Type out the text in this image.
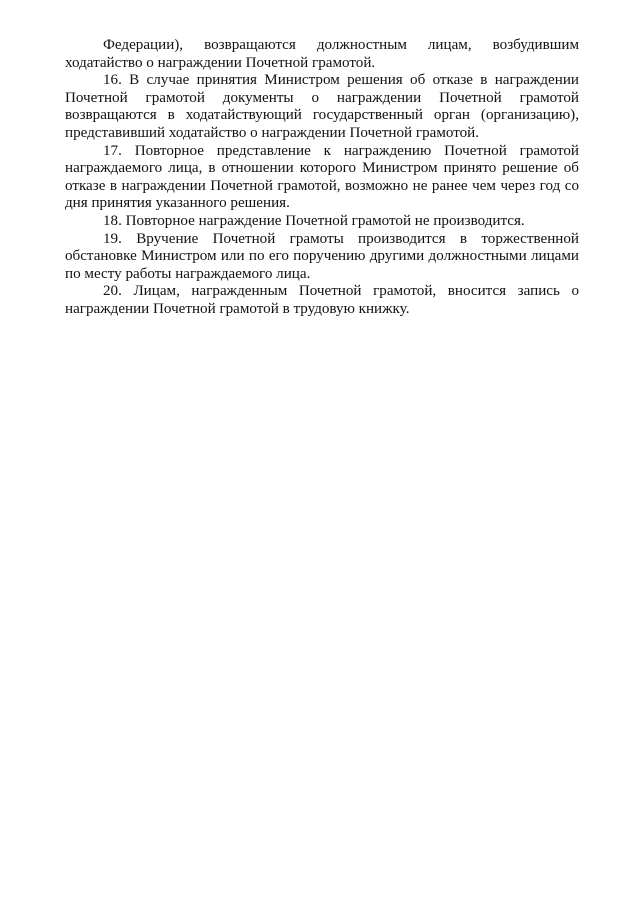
Федерации), возвращаются должностным лицам, возбудившим ходатайство о награждении Почетной грамотой.

16. В случае принятия Министром решения об отказе в награждении Почетной грамотой документы о награждении Почетной грамотой возвращаются в ходатайствующий государственный орган (организацию), представивший ходатайство о награждении Почетной грамотой.

17. Повторное представление к награждению Почетной грамотой награждаемого лица, в отношении которого Министром принято решение об отказе в награждении Почетной грамотой, возможно не ранее чем через год со дня принятия указанного решения.

18. Повторное награждение Почетной грамотой не производится.

19. Вручение Почетной грамоты производится в торжественной обстановке Министром или по его поручению другими должностными лицами по месту работы награждаемого лица.

20. Лицам, награжденным Почетной грамотой, вносится запись о награждении Почетной грамотой в трудовую книжку.
